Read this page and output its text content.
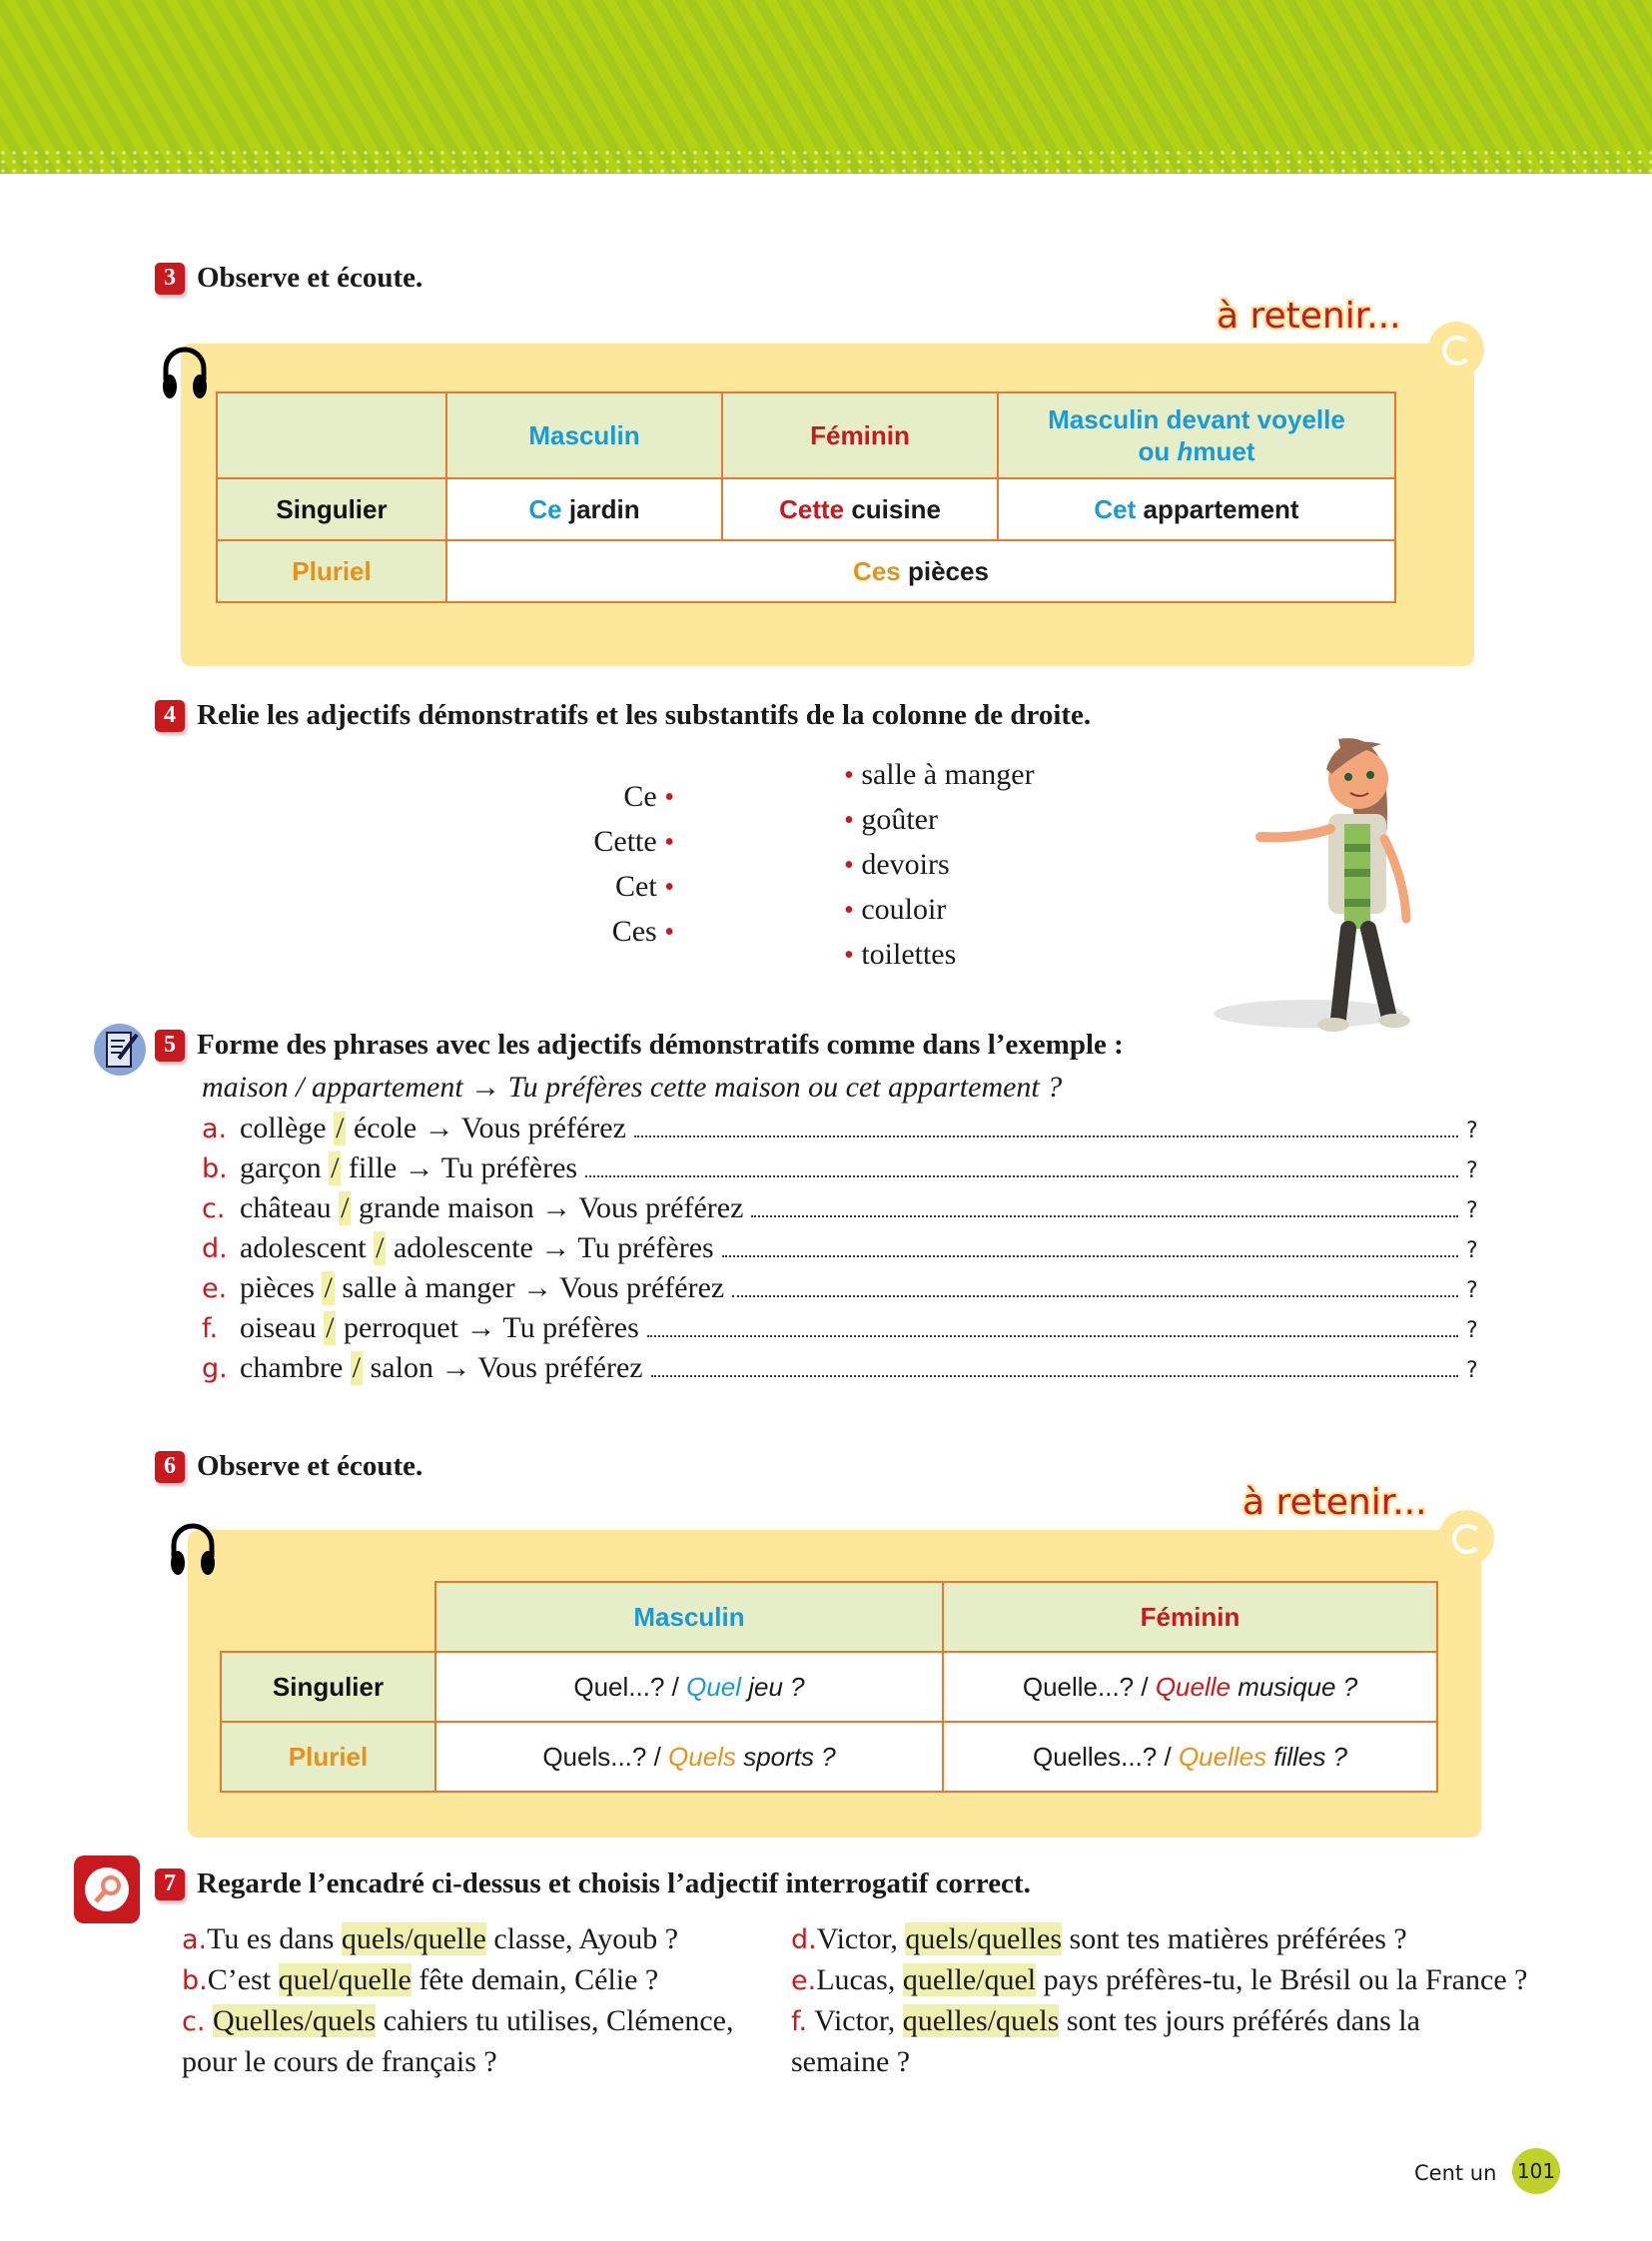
3 Observe et écoute.
à retenir...
	Masculin	Féminin	Masculin devant voyelle
ou hmuet
Singulier	Ce jardin	Cette cuisine	Cet appartement
Pluriel	Ces pièces		
4 Relie les adjectifs démonstratifs et les substantifs de la colonne de droite.
Ce •
Cette •
Cet •
Ces •
• salle à manger
• goûter
• devoirs
• couloir
• toilettes
5 Forme des phrases avec les adjectifs démonstratifs comme dans l’exemple :
maison / appartement → Tu préfères cette maison ou cet appartement ?
a. collège
/
école
→ Vous préférez	?
b. garçon
/
fille
→ Tu préfères	?
c. château
/
grande maison
→ Vous préférez	?
d. adolescent
/
adolescente
→ Tu préfères	?
e. pièces
/
salle à manger
→ Vous préférez	?
f. oiseau
/
perroquet
→ Tu préfères	?
g. chambre
/
salon
→ Vous préférez	?
6 Observe et écoute.
à retenir...
	Masculin	Féminin
Singulier	Quel...? / Quel jeu ?	Quelle...? / Quelle musique ?
Pluriel	Quels...? / Quels sports ?	Quelles...? / Quelles filles ?
7 Regarde l’encadré ci-dessus et choisis l’adjectif interrogatif correct.
a.Tu es dans quels/quelle classe, Ayoub ?
b.C’est quel/quelle fête demain, Célie ?
c. Quelles/quels cahiers tu utilises, Clémence,
pour le cours de français ?
d.Victor, quels/quelles sont tes matières préférées ?
e.Lucas, quelle/quel pays préfères-tu, le Brésil ou la France ?
f. Victor, quelles/quels sont tes jours préférés dans la
semaine ?
Cent un 101
